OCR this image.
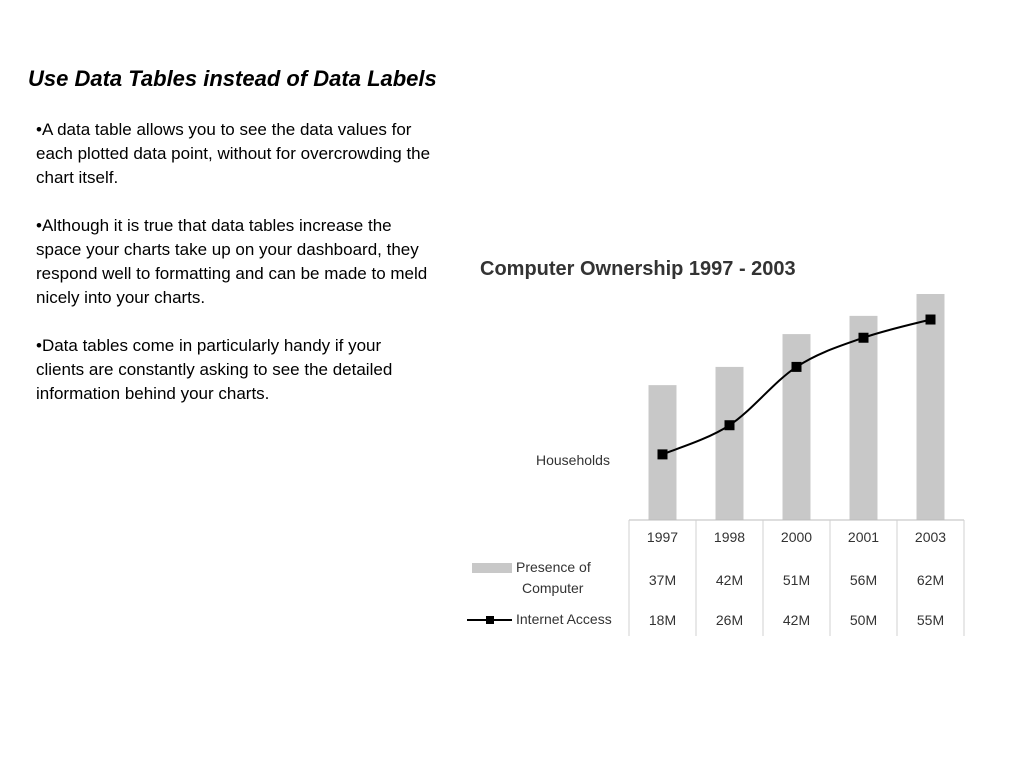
Use Data Tables instead of Data Labels

•A data table allows you to see the data values for each plotted data point, without for overcrowding the chart itself.

•Although it is true that data tables increase the space your charts take up on your dashboard, they respond well to formatting and can be made to meld nicely into your charts.

•Data tables come in particularly handy if your clients are constantly asking to see the detailed information behind your charts.

Computer Ownership 1997 - 2003
Households
1997
37M
18M
1998
42M
26M
2000
51M
42M
2001
56M
50M
2003
62M
55M
Presence of
Computer
Internet Access
